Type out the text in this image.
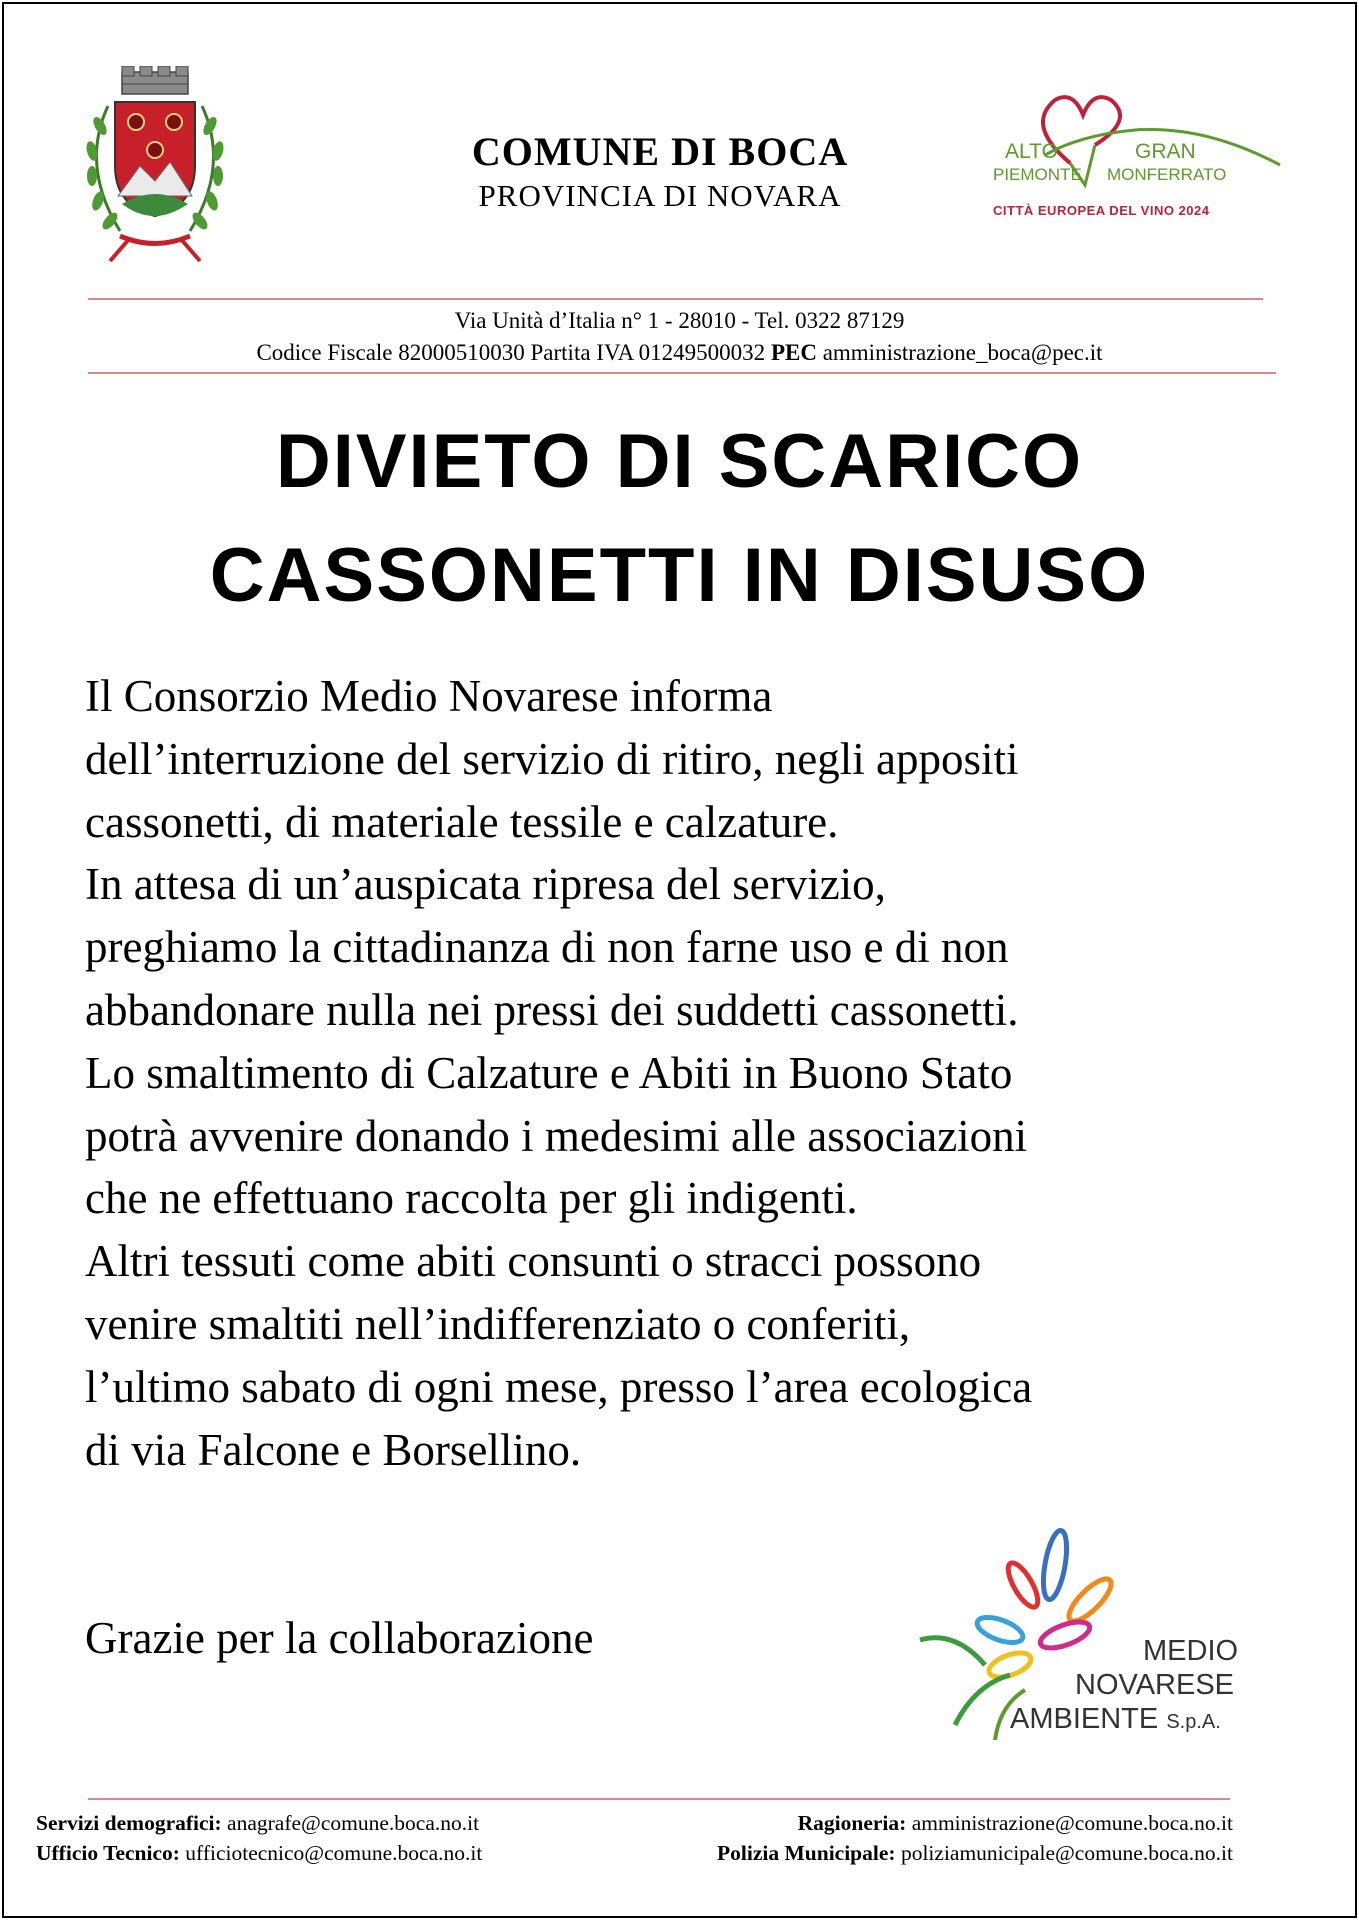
COMUNE DI BOCA
PROVINCIA DI NOVARA
ALTO	GRAN
PIEMONTE MONFERRATO
CITTÀ EUROPEA DEL VINO 2024
Via Unità d’Italia n° 1 - 28010 - Tel. 0322 87129
Codice Fiscale 82000510030 Partita IVA 01249500032 PEC amministrazione_boca@pec.it
DIVIETO DI SCARICO
CASSONETTI IN DISUSO
Il Consorzio Medio Novarese informa
dell’interruzione del servizio di ritiro, negli appositi
cassonetti, di materiale tessile e calzature.
In attesa di un’auspicata ripresa del servizio,
preghiamo la cittadinanza di non farne uso e di non
abbandonare nulla nei pressi dei suddetti cassonetti.
Lo smaltimento di Calzature e Abiti in Buono Stato
potrà avvenire donando i medesimi alle associazioni
che ne effettuano raccolta per gli indigenti.
Altri tessuti come abiti consunti o stracci possono
venire smaltiti nell’indifferenziato o conferiti,
l’ultimo sabato di ogni mese, presso l’area ecologica
di via Falcone e Borsellino.
Grazie per la collaborazione	MEDIO
NOVARESE
AMBIENTE S.p.A.
Servizi demografici: anagrafe@comune.boca.no.it
Ufficio Tecnico: ufficiotecnico@comune.boca.no.it
Ragioneria: amministrazione@comune.boca.no.it
Polizia Municipale: poliziamunicipale@comune.boca.no.it
